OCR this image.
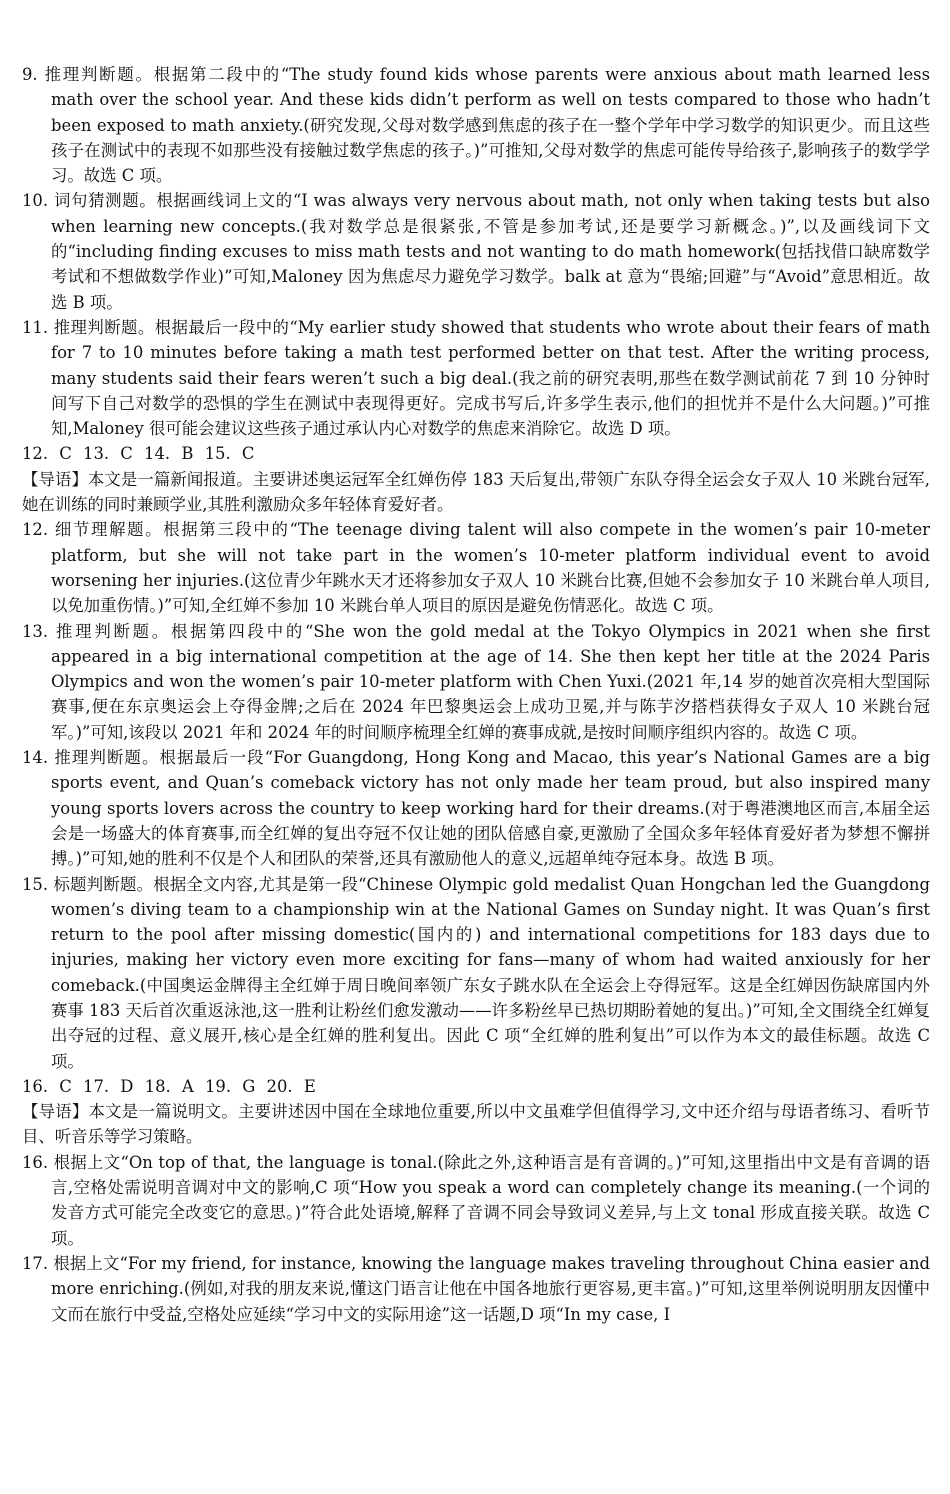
9. 推理判断题。根据第二段中的“The study found kids whose parents were anxious about math learned less math over the school year. And these kids didn’t perform as well on tests compared to those who hadn’t been exposed to math anxiety.(研究发现,父母对数学感到焦虑的孩子在一整个学年中学习数学的知识更少。而且这些孩子在测试中的表现不如那些没有接触过数学焦虑的孩子。)”可推知,父母对数学的焦虑可能传导给孩子,影响孩子的数学学习。故选 C 项。

10. 词句猜测题。根据画线词上文的“I was always very nervous about math, not only when taking tests but also when learning new concepts.(我对数学总是很紧张,不管是参加考试,还是要学习新概念。)”,以及画线词下文的“including finding excuses to miss math tests and not wanting to do math homework(包括找借口缺席数学考试和不想做数学作业)”可知,Maloney 因为焦虑尽力避免学习数学。balk at 意为“畏缩;回避”与“Avoid”意思相近。故选 B 项。

11. 推理判断题。根据最后一段中的“My earlier study showed that students who wrote about their fears of math for 7 to 10 minutes before taking a math test performed better on that test. After the writing process, many students said their fears weren’t such a big deal.(我之前的研究表明,那些在数学测试前花 7 到 10 分钟时间写下自己对数学的恐惧的学生在测试中表现得更好。完成书写后,许多学生表示,他们的担忧并不是什么大问题。)”可推知,Maloney 很可能会建议这些孩子通过承认内心对数学的焦虑来消除它。故选 D 项。

12. C 13. C 14. B 15. C

【导语】本文是一篇新闻报道。主要讲述奥运冠军全红婵伤停 183 天后复出,带领广东队夺得全运会女子双人 10 米跳台冠军,她在训练的同时兼顾学业,其胜利激励众多年轻体育爱好者。

12. 细节理解题。根据第三段中的“The teenage diving talent will also compete in the women’s pair 10-meter platform, but she will not take part in the women’s 10-meter platform individual event to avoid worsening her injuries.(这位青少年跳水天才还将参加女子双人 10 米跳台比赛,但她不会参加女子 10 米跳台单人项目,以免加重伤情。)”可知,全红婵不参加 10 米跳台单人项目的原因是避免伤情恶化。故选 C 项。

13. 推理判断题。根据第四段中的“She won the gold medal at the Tokyo Olympics in 2021 when she first appeared in a big international competition at the age of 14. She then kept her title at the 2024 Paris Olympics and won the women’s pair 10-meter platform with Chen Yuxi.(2021 年,14 岁的她首次亮相大型国际赛事,便在东京奥运会上夺得金牌;之后在 2024 年巴黎奥运会上成功卫冕,并与陈芋汐搭档获得女子双人 10 米跳台冠军。)”可知,该段以 2021 年和 2024 年的时间顺序梳理全红婵的赛事成就,是按时间顺序组织内容的。故选 C 项。

14. 推理判断题。根据最后一段“For Guangdong, Hong Kong and Macao, this year’s National Games are a big sports event, and Quan’s comeback victory has not only made her team proud, but also inspired many young sports lovers across the country to keep working hard for their dreams.(对于粤港澳地区而言,本届全运会是一场盛大的体育赛事,而全红婵的复出夺冠不仅让她的团队倍感自豪,更激励了全国众多年轻体育爱好者为梦想不懈拼搏。)”可知,她的胜利不仅是个人和团队的荣誉,还具有激励他人的意义,远超单纯夺冠本身。故选 B 项。

15. 标题判断题。根据全文内容,尤其是第一段“Chinese Olympic gold medalist Quan Hongchan led the Guangdong women’s diving team to a championship win at the National Games on Sunday night. It was Quan’s first return to the pool after missing domestic(国内的) and international competitions for 183 days due to injuries, making her victory even more exciting for fans—many of whom had waited anxiously for her comeback.(中国奥运金牌得主全红婵于周日晚间率领广东女子跳水队在全运会上夺得冠军。这是全红婵因伤缺席国内外赛事 183 天后首次重返泳池,这一胜利让粉丝们愈发激动——许多粉丝早已热切期盼着她的复出。)”可知,全文围绕全红婵复出夺冠的过程、意义展开,核心是全红婵的胜利复出。因此 C 项“全红婵的胜利复出”可以作为本文的最佳标题。故选 C 项。

16. C 17. D 18. A 19. G 20. E

【导语】本文是一篇说明文。主要讲述因中国在全球地位重要,所以中文虽难学但值得学习,文中还介绍与母语者练习、看听节目、听音乐等学习策略。

16. 根据上文“On top of that, the language is tonal.(除此之外,这种语言是有音调的。)”可知,这里指出中文是有音调的语言,空格处需说明音调对中文的影响,C 项“How you speak a word can completely change its meaning.(一个词的发音方式可能完全改变它的意思。)”符合此处语境,解释了音调不同会导致词义差异,与上文 tonal 形成直接关联。故选 C 项。

17. 根据上文“For my friend, for instance, knowing the language makes traveling throughout China easier and more enriching.(例如,对我的朋友来说,懂这门语言让他在中国各地旅行更容易,更丰富。)”可知,这里举例说明朋友因懂中文而在旅行中受益,空格处应延续“学习中文的实际用途”这一话题,D 项“In my case, I
